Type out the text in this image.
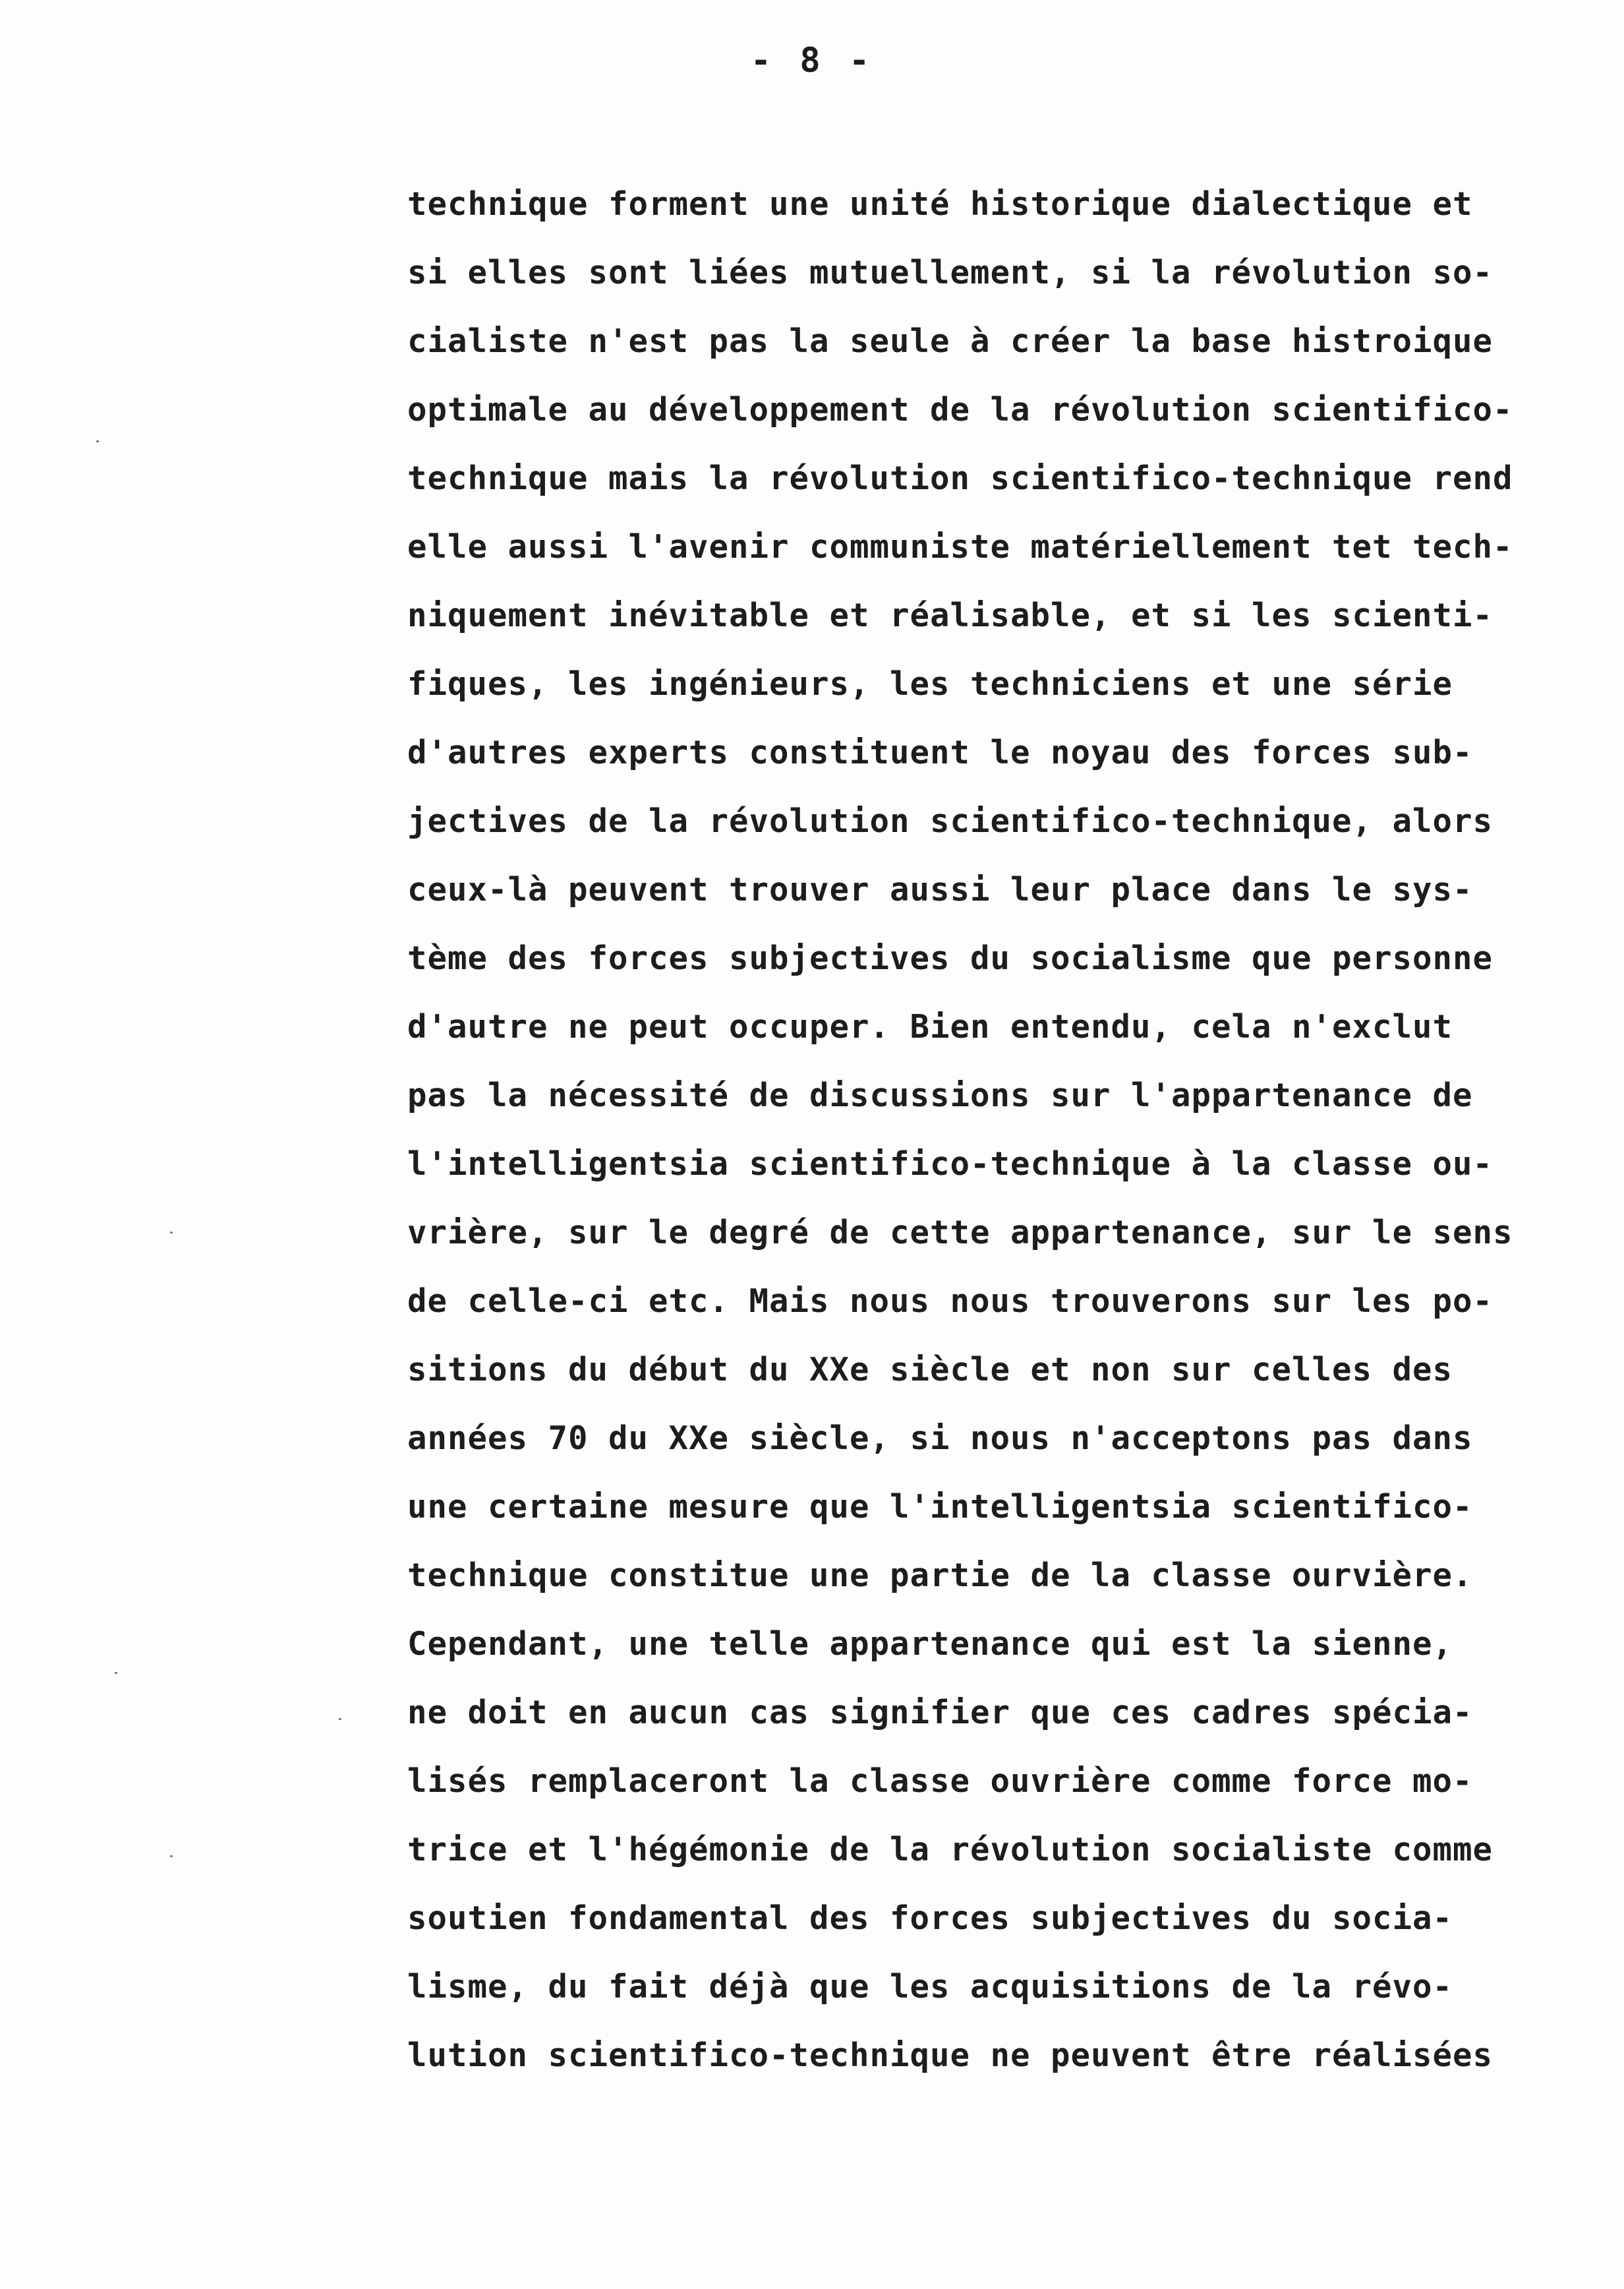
- 8 -
technique forment une unité historique dialectique et
si elles sont liées mutuellement, si la révolution so-
cialiste n'est pas la seule à créer la base histroique
optimale au développement de la révolution scientifico-
technique mais la révolution scientifico-technique rend
elle aussi l'avenir communiste matériellement tet tech-
niquement inévitable et réalisable, et si les scienti-
fiques, les ingénieurs, les techniciens et une série
d'autres experts constituent le noyau des forces sub-
jectives de la révolution scientifico-technique, alors
ceux-là peuvent trouver aussi leur place dans le sys-
tème des forces subjectives du socialisme que personne
d'autre ne peut occuper. Bien entendu, cela n'exclut
pas la nécessité de discussions sur l'appartenance de
l'intelligentsia scientifico-technique à la classe ou-
vrière, sur le degré de cette appartenance, sur le sens
de celle-ci etc. Mais nous nous trouverons sur les po-
sitions du début du XXe siècle et non sur celles des
années 70 du XXe siècle, si nous n'acceptons pas dans
une certaine mesure que l'intelligentsia scientifico-
technique constitue une partie de la classe ourvière.
Cependant, une telle appartenance qui est la sienne,
ne doit en aucun cas signifier que ces cadres spécia-
lisés remplaceront la classe ouvrière comme force mo-
trice et l'hégémonie de la révolution socialiste comme
soutien fondamental des forces subjectives du socia-
lisme, du fait déjà que les acquisitions de la révo-
lution scientifico-technique ne peuvent être réalisées
